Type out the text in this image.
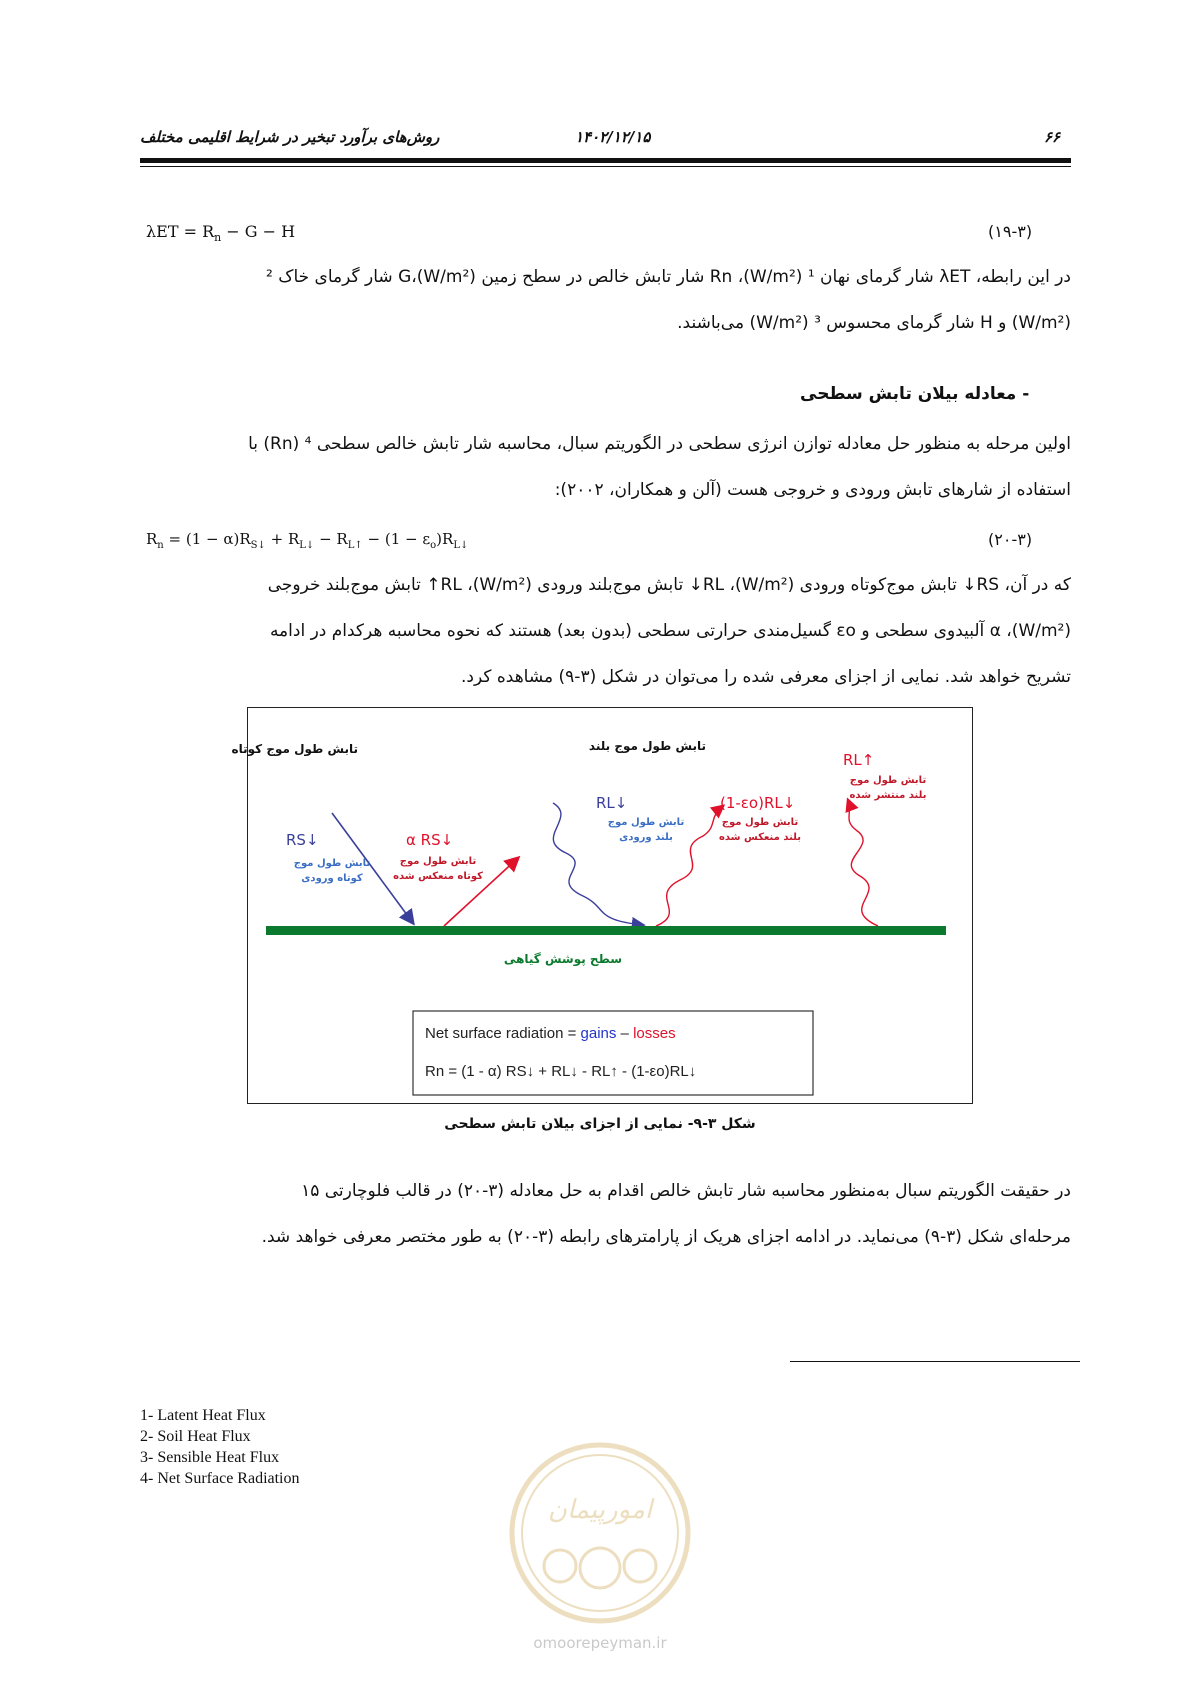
۶۶
۱۴۰۲/۱۲/۱۵
روش‌های برآورد تبخیر در شرایط اقلیمی مختلف
$\lambda ET = R_n - G - H$	(۱۹-۳)
در این رابطه، λET شار گرمای نهان ¹ (W/m²)، Rn شار تابش خالص در سطح زمین (W/m²)،G شار گرمای خاک ²
(W/m²) و H شار گرمای محسوس ³ (W/m²) می‌باشند.
- معادله بیلان تابش سطحی
اولین مرحله به منظور حل معادله توازن انرژی سطحی در الگوریتم سبال، محاسبه شار تابش خالص سطحی ⁴ (Rn) با
استفاده از شارهای تابش ورودی و خروجی هست (آلن و همکاران، ۲۰۰۲):
$R_n = (1 - \alpha)R_{S↓} + R_{L↓} - R_{L↑} - (1 - \varepsilon_o)R_{L↓}$	(۲۰-۳)
که در آن، RS↓ تابش موج‌کوتاه ورودی (W/m²)، RL↓ تابش موج‌بلند ورودی (W/m²)، RL↑ تابش موج‌بلند خروجی
(W/m²)، α آلبیدوی سطحی و εo گسیل‌مندی حرارتی سطحی (بدون بعد) هستند که نحوه محاسبه هرکدام در ادامه
تشریح خواهد شد. نمایی از اجزای معرفی شده را می‌توان در شکل (۳-۹) مشاهده کرد.
تابش طول موج کوتاه	تابش طول موج بلند
RS↓
تابش طول موج
کوتاه ورودی
α RS↓
تابش طول موج
کوتاه منعکس شده
RL↓
تابش طول موج
بلند ورودی
(1-εo)RL↓
تابش طول موج
بلند منعکس شده
RL↑
تابش طول موج
بلند منتشر شده
سطح پوشش گیاهی
Net surface radiation = gains – losses
Rn = (1 - α) RS↓ + RL↓ - RL↑ - (1-εo)RL↓
شکل ۳-۹- نمایی از اجزای بیلان تابش سطحی
در حقیقت الگوریتم سبال به‌منظور محاسبه شار تابش خالص اقدام به حل معادله (۳-۲۰) در قالب فلوچارتی ۱۵
مرحله‌ای شکل (۳-۹) می‌نماید. در ادامه اجزای هریک از پارامترهای رابطه (۳-۲۰) به طور مختصر معرفی خواهد شد.
1- Latent Heat Flux
2- Soil Heat Flux
3- Sensible Heat Flux
4- Net Surface Radiation
امورپیمان
omoorepeyman.ir
